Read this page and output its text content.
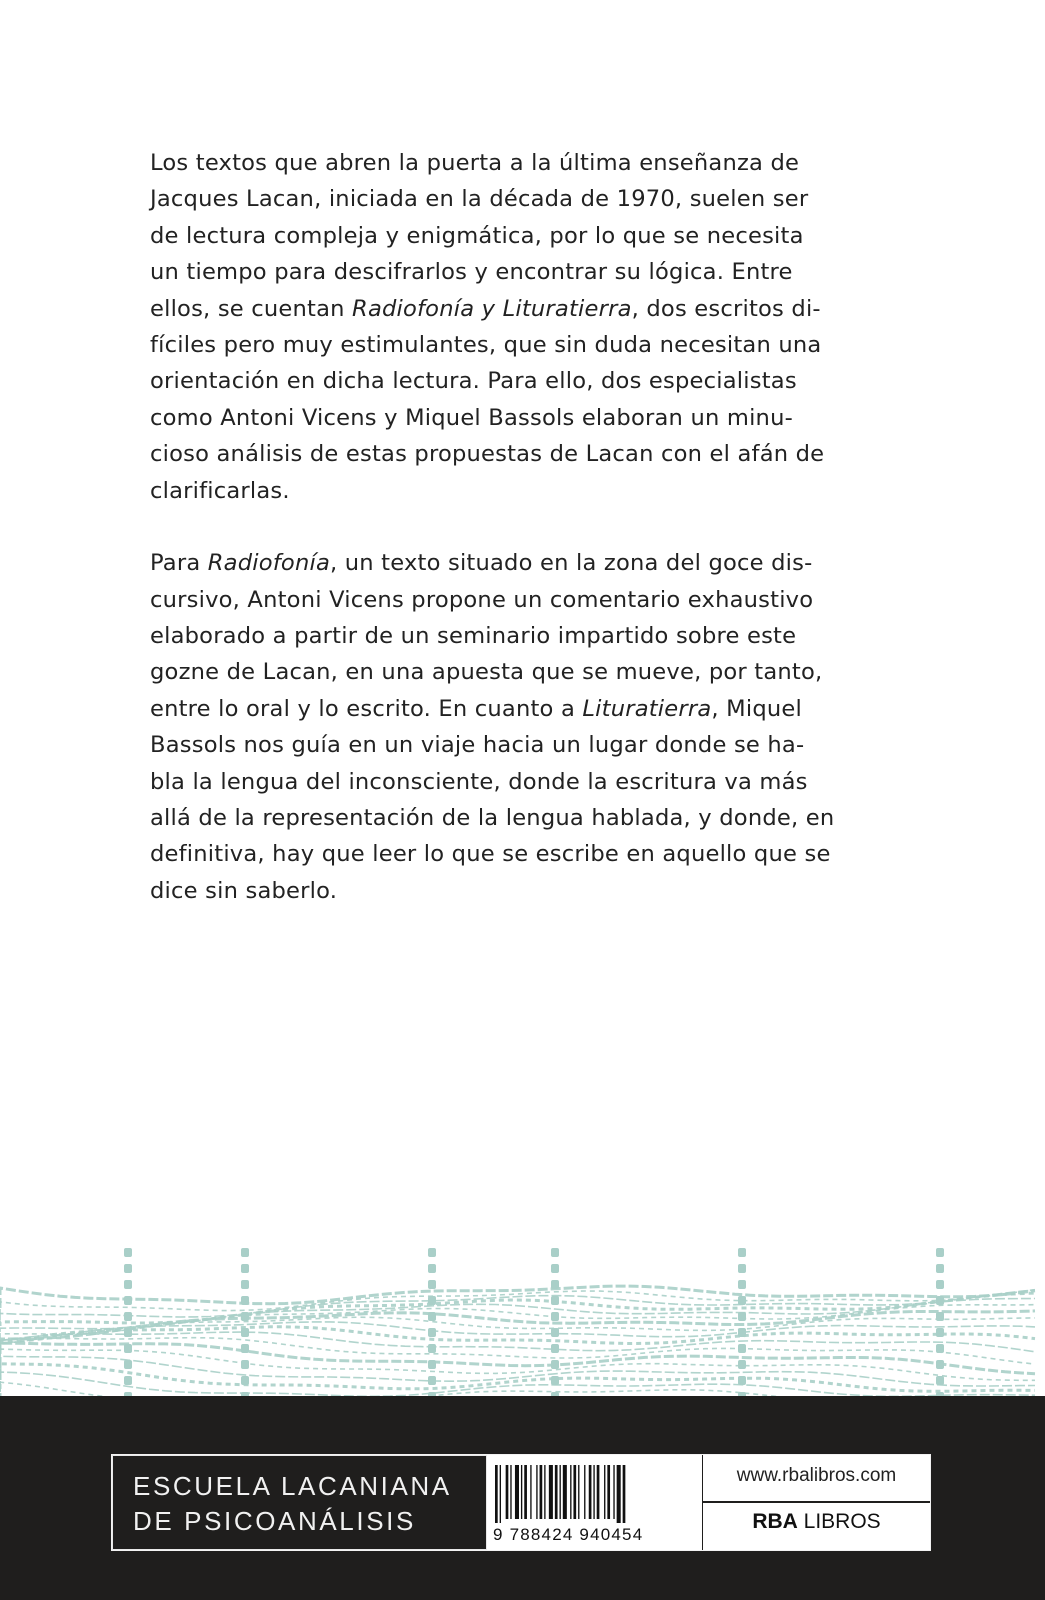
Los textos que abren la puerta a la última enseñanza de
Jacques Lacan, iniciada en la década de 1970, suelen ser
de lectura compleja y enigmática, por lo que se necesita
un tiempo para descifrarlos y encontrar su lógica. Entre
ellos, se cuentan Radiofonía y Lituratierra, dos escritos di-
fíciles pero muy estimulantes, que sin duda necesitan una
orientación en dicha lectura. Para ello, dos especialistas
como Antoni Vicens y Miquel Bassols elaboran un minu-
cioso análisis de estas propuestas de Lacan con el afán de
clarificarlas.
Para Radiofonía, un texto situado en la zona del goce dis-
cursivo, Antoni Vicens propone un comentario exhaustivo
elaborado a partir de un seminario impartido sobre este
gozne de Lacan, en una apuesta que se mueve, por tanto,
entre lo oral y lo escrito. En cuanto a Lituratierra, Miquel
Bassols nos guía en un viaje hacia un lugar donde se ha-
bla la lengua del inconsciente, donde la escritura va más
allá de la representación de la lengua hablada, y donde, en
definitiva, hay que leer lo que se escribe en aquello que se
dice sin saberlo.
ESCUELA LACANIANA
DE PSICOANÁLISIS	9 788424 940454
www.rbalibros.com
RBA LIBROS
